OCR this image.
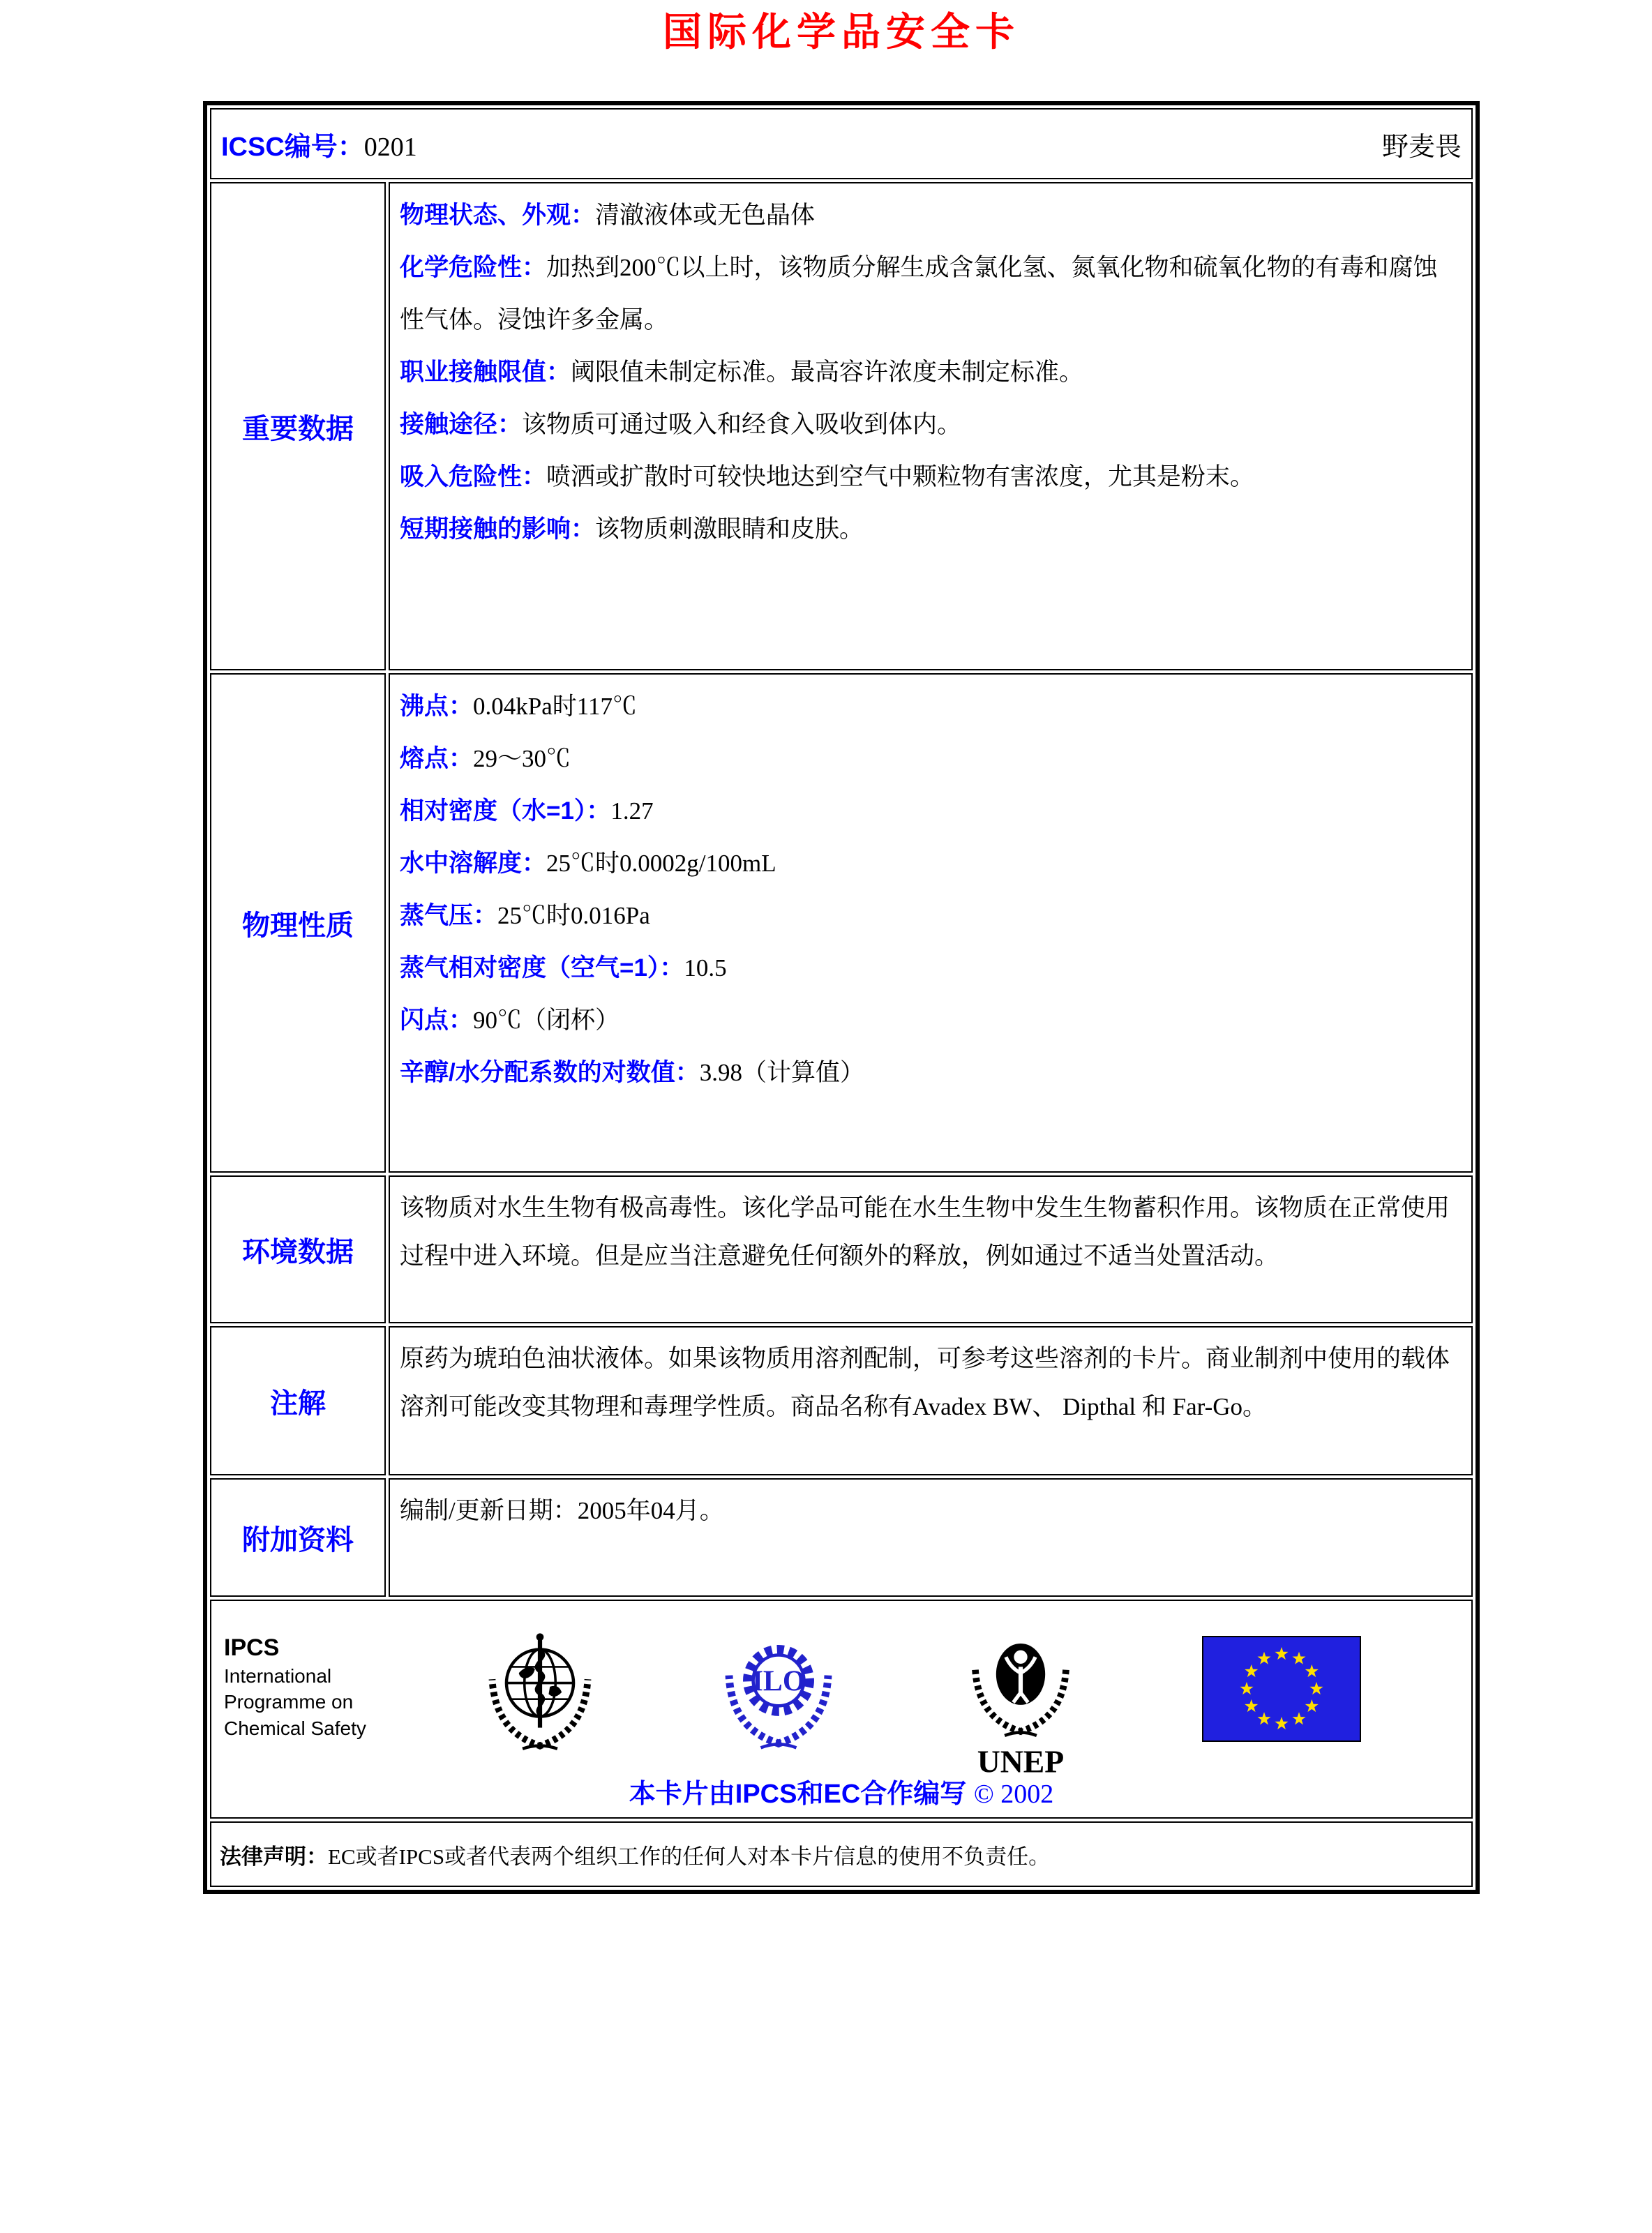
国际化学品安全卡
ICSC编号：0201	野麦畏
重要数据

物理状态、外观：清澈液体或无色晶体

化学危险性：加热到200℃以上时，该物质分解生成含氯化氢、氮氧化物和硫氧化物的有毒和腐蚀性气体。浸蚀许多金属。

职业接触限值：阈限值未制定标准。最高容许浓度未制定标准。

接触途径：该物质可通过吸入和经食入吸收到体内。

吸入危险性：喷洒或扩散时可较快地达到空气中颗粒物有害浓度，尤其是粉末。

短期接触的影响：该物质刺激眼睛和皮肤。

物理性质

沸点：0.04kPa时117℃

熔点：29～30℃

相对密度（水=1）：1.27

水中溶解度：25℃时0.0002g/100mL

蒸气压：25℃时0.016Pa

蒸气相对密度（空气=1）：10.5

闪点：90℃（闭杯）

辛醇/水分配系数的对数值：3.98（计算值）

环境数据

该物质对水生生物有极高毒性。该化学品可能在水生生物中发生生物蓄积作用。该物质在正常使用过程中进入环境。但是应当注意避免任何额外的释放，例如通过不适当处置活动。

注解

原药为琥珀色油状液体。如果该物质用溶剂配制，可参考这些溶剂的卡片。商业制剂中使用的载体溶剂可能改变其物理和毒理学性质。商品名称有Avadex BW、 Dipthal 和 Far-Go。

附加资料

编制/更新日期：2005年04月。

IPCS
International
Programme on
Chemical Safety
ILO
UNEP
本卡片由IPCS和EC合作编写 © 2002
法律声明： EC或者IPCS或者代表两个组织工作的任何人对本卡片信息的使用不负责任。
